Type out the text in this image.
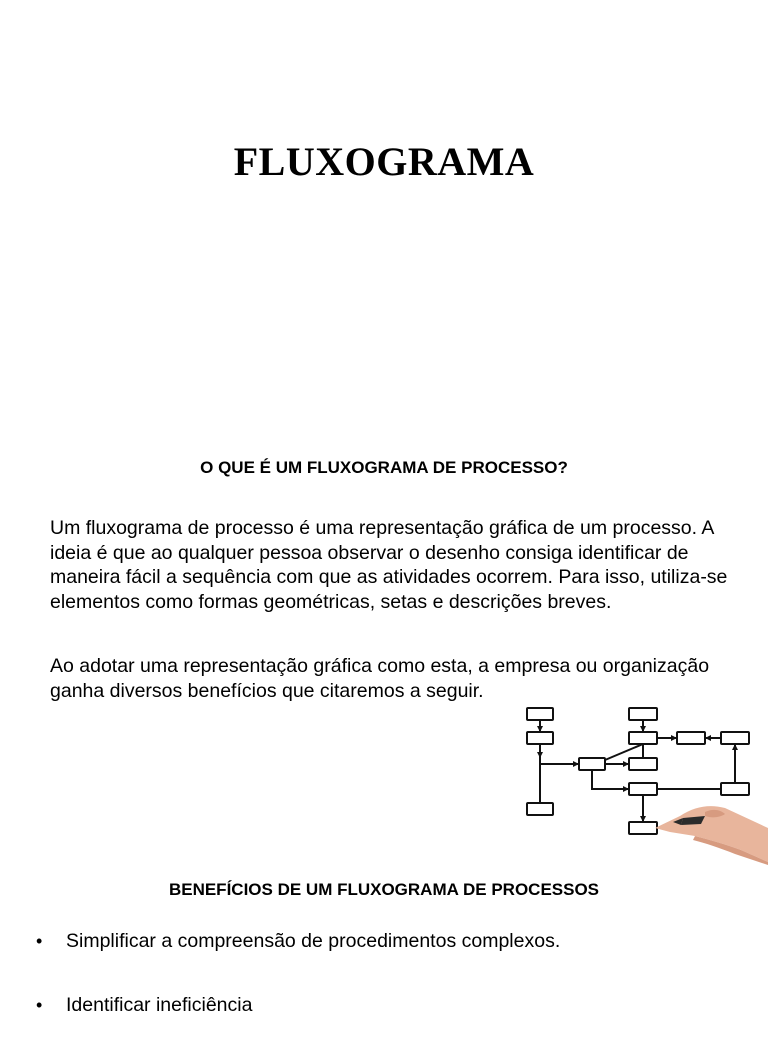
FLUXOGRAMA
O QUE É UM FLUXOGRAMA DE PROCESSO?

Um fluxograma de processo é uma representação gráfica de um processo. A ideia é que ao qualquer pessoa observar o desenho consiga identificar de maneira fácil a sequência com que as atividades ocorrem. Para isso, utiliza-se elementos como formas geométricas, setas e descrições breves.

Ao adotar uma representação gráfica como esta, a empresa ou organização ganha diversos benefícios que citaremos a seguir.

BENEFÍCIOS DE UM FLUXOGRAMA DE PROCESSOS
• Simplificar a compreensão de procedimentos complexos.
• Identificar ineficiência
